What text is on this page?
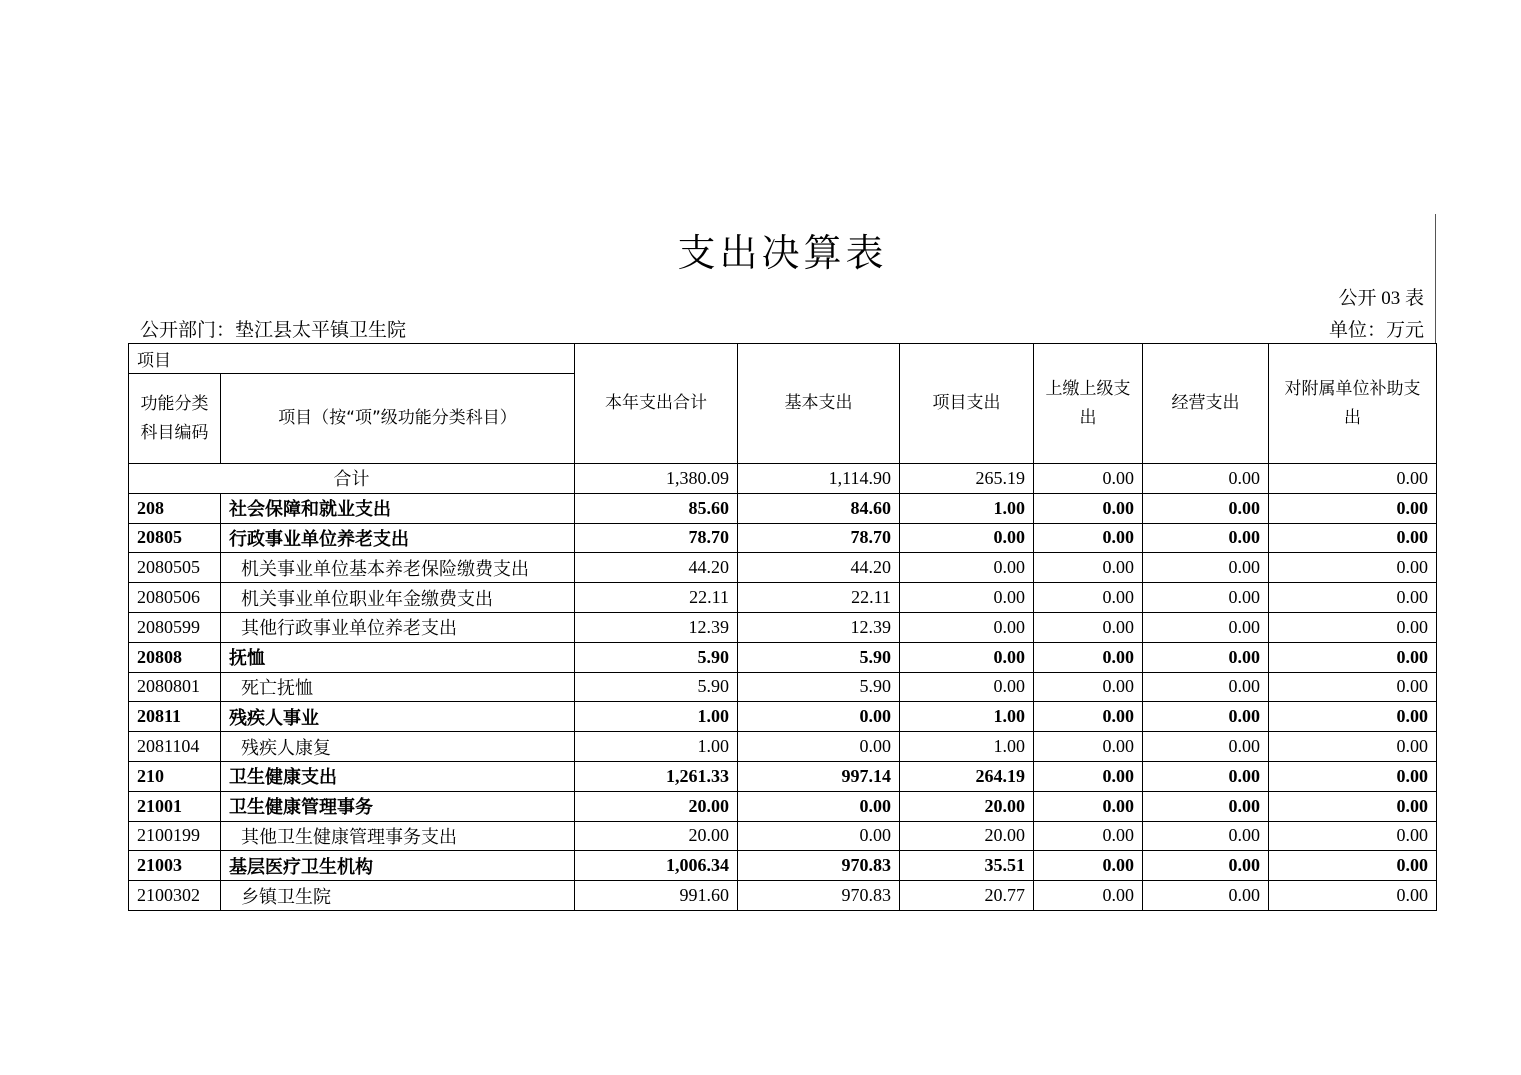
支出决算表
公开 03 表
公开部门：垫江县太平镇卫生院	单位：万元
项目		本年支出合计	基本支出	项目支出	上缴上级支出	经营支出	对附属单位补助支出
功能分类科目编码	项目（按“项”级功能分类科目）						
合计		1,380.09	1,114.90	265.19	0.00	0.00	0.00
208	社会保障和就业支出	85.60	84.60	1.00	0.00	0.00	0.00
20805	行政事业单位养老支出	78.70	78.70	0.00	0.00	0.00	0.00
2080505	机关事业单位基本养老保险缴费支出	44.20	44.20	0.00	0.00	0.00	0.00
2080506	机关事业单位职业年金缴费支出	22.11	22.11	0.00	0.00	0.00	0.00
2080599	其他行政事业单位养老支出	12.39	12.39	0.00	0.00	0.00	0.00
20808	抚恤	5.90	5.90	0.00	0.00	0.00	0.00
2080801	死亡抚恤	5.90	5.90	0.00	0.00	0.00	0.00
20811	残疾人事业	1.00	0.00	1.00	0.00	0.00	0.00
2081104	残疾人康复	1.00	0.00	1.00	0.00	0.00	0.00
210	卫生健康支出	1,261.33	997.14	264.19	0.00	0.00	0.00
21001	卫生健康管理事务	20.00	0.00	20.00	0.00	0.00	0.00
2100199	其他卫生健康管理事务支出	20.00	0.00	20.00	0.00	0.00	0.00
21003	基层医疗卫生机构	1,006.34	970.83	35.51	0.00	0.00	0.00
2100302	乡镇卫生院	991.60	970.83	20.77	0.00	0.00	0.00
